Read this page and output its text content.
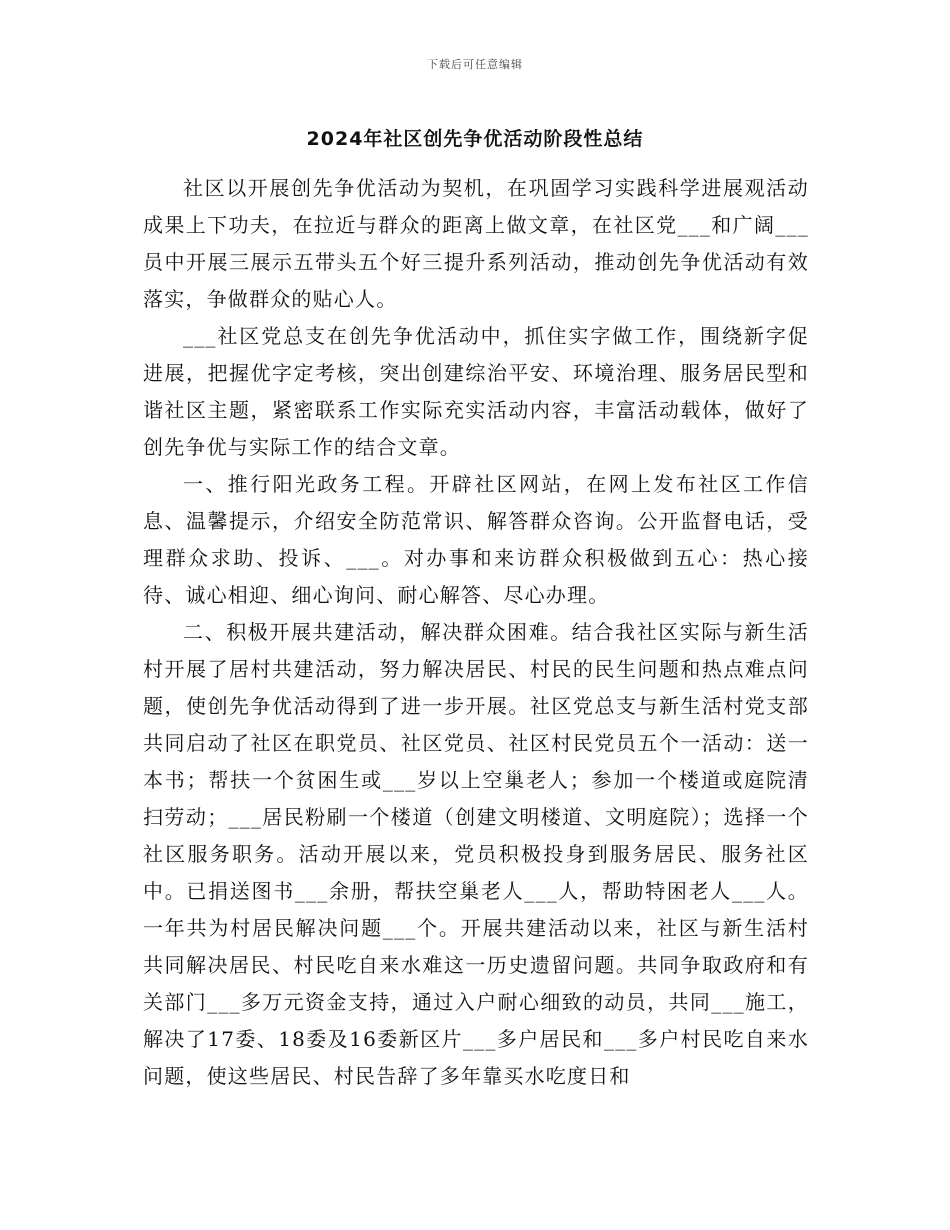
下载后可任意编辑
2024年社区创先争优活动阶段性总结

社区以开展创先争优活动为契机，在巩固学习实践科学进展观活动成果上下功夫，在拉近与群众的距离上做文章，在社区党___和广阔___员中开展三展示五带头五个好三提升系列活动，推动创先争优活动有效落实，争做群众的贴心人。

___社区党总支在创先争优活动中，抓住实字做工作，围绕新字促进展，把握优字定考核，突出创建综治平安、环境治理、服务居民型和谐社区主题，紧密联系工作实际充实活动内容，丰富活动载体，做好了创先争优与实际工作的结合文章。

一、推行阳光政务工程。开辟社区网站，在网上发布社区工作信息、温馨提示，介绍安全防范常识、解答群众咨询。公开监督电话，受理群众求助、投诉、___。对办事和来访群众积极做到五心：热心接待、诚心相迎、细心询问、耐心解答、尽心办理。

二、积极开展共建活动，解决群众困难。结合我社区实际与新生活村开展了居村共建活动，努力解决居民、村民的民生问题和热点难点问题，使创先争优活动得到了进一步开展。社区党总支与新生活村党支部共同启动了社区在职党员、社区党员、社区村民党员五个一活动：送一本书；帮扶一个贫困生或___岁以上空巢老人；参加一个楼道或庭院清扫劳动；___居民粉刷一个楼道（创建文明楼道、文明庭院）；选择一个社区服务职务。活动开展以来，党员积极投身到服务居民、服务社区中。已捐送图书___余册，帮扶空巢老人___人，帮助特困老人___人。一年共为村居民解决问题___个。开展共建活动以来，社区与新生活村共同解决居民、村民吃自来水难这一历史遗留问题。共同争取政府和有关部门___多万元资金支持，通过入户耐心细致的动员，共同___施工，解决了17委、18委及16委新区片___多户居民和___多户村民吃自来水问题，使这些居民、村民告辞了多年靠买水吃度日和
